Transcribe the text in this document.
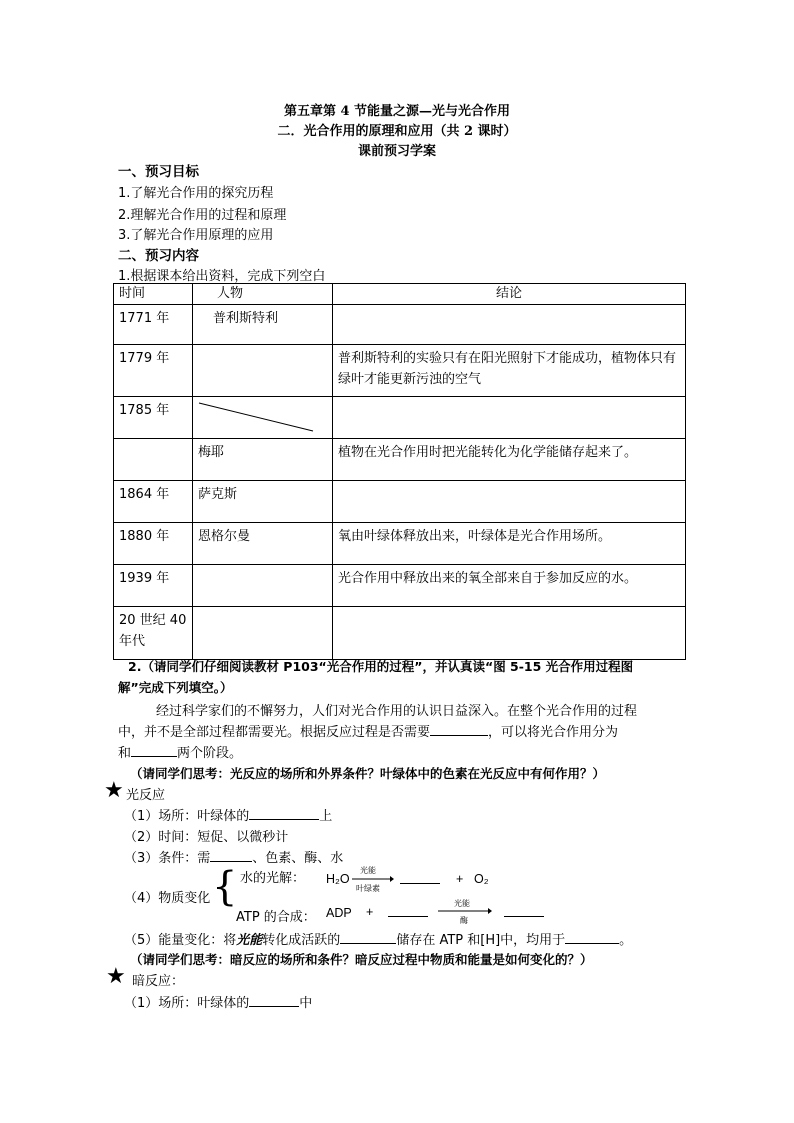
第五章第 4 节能量之源—光与光合作用
二．光合作用的原理和应用（共 2 课时）
课前预习学案
一、预习目标
1.了解光合作用的探究历程
2.理解光合作用的过程和原理
3.了解光合作用原理的应用
二、预习内容
1.根据课本给出资料，完成下列空白
时间	人物	结论
1771 年	普利斯特利	
1779 年		普利斯特利的实验只有在阳光照射下才能成功，植物体只有绿叶才能更新污浊的空气
1785 年	

	梅耶	植物在光合作用时把光能转化为化学能储存起来了。
1864 年	萨克斯	
1880 年	恩格尔曼	氧由叶绿体释放出来，叶绿体是光合作用场所。
1939 年		光合作用中释放出来的氧全部来自于参加反应的水。
20 世纪 40 年代		
2.（请同学们仔细阅读教材 P103“光合作用的过程”，并认真读“图 5-15 光合作用过程图
解”完成下列填空。）
经过科学家们的不懈努力，人们对光合作用的认识日益深入。在整个光合作用的过程
中，并不是全部过程都需要光。根据反应过程是否需要	，可以将光合作用分为
和	两个阶段。
（请同学们思考：光反应的场所和外界条件？叶绿体中的色素在光反应中有何作用？）
★ 光反应
（1）场所：叶绿体的	上
（2）时间：短促、以微秒计
（3）条件：需	、色素、酶、水
（4）物质变化 { 水的光解： H₂O
光能
叶绿素
+ O₂
ATP 的合成： ADP +
光能
酶
（5）能量变化：将光能转化成活跃的	储存在 ATP 和[H]中，均用于	。
（请同学们思考：暗反应的场所和条件？暗反应过程中物质和能量是如何变化的？）
★ 暗反应：
（1）场所：叶绿体的	中
